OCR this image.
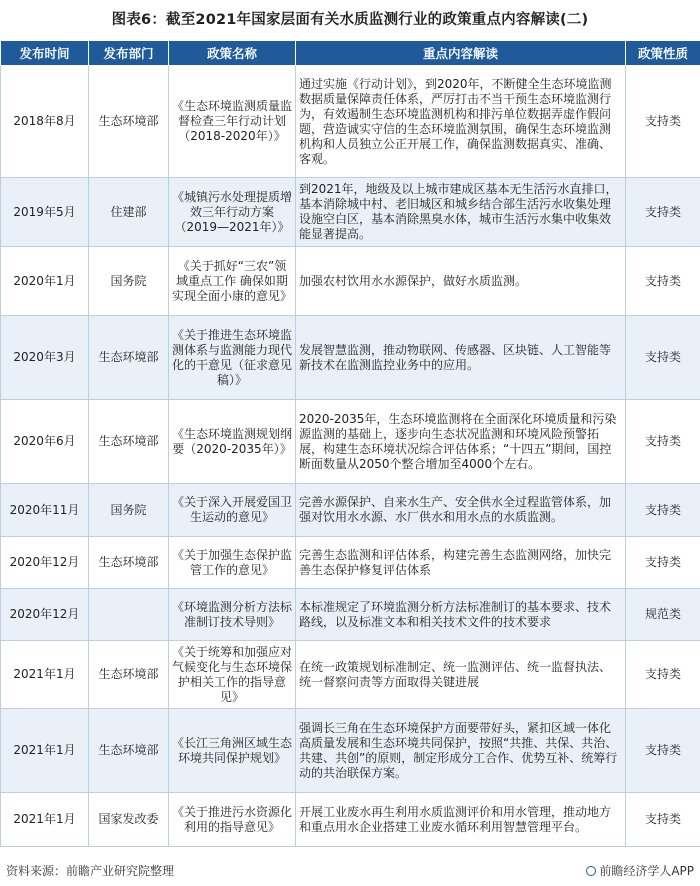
图表6：截至2021年国家层面有关水质监测行业的政策重点内容解读(二)
发布时间	发布部门	政策名称	重点内容解读	政策性质
2018年8月	生态环境部	《生态环境监测质量监督检查三年行动计划（2018-2020年）》	通过实施《行动计划》，到2020年，不断健全生态环境监测数据质量保障责任体系，严厉打击不当干预生态环境监测行为，有效遏制生态环境监测机构和排污单位数据弄虚作假问题，营造诚实守信的生态环境监测氛围，确保生态环境监测机构和人员独立公正开展工作，确保监测数据真实、准确、客观。	支持类
2019年5月	住建部	《城镇污水处理提质增效三年行动方案（2019—2021年）》	到2021年，地级及以上城市建成区基本无生活污水直排口，基本消除城中村、老旧城区和城乡结合部生活污水收集处理设施空白区，基本消除黑臭水体，城市生活污水集中收集效能显著提高。	支持类
2020年1月	国务院	《关于抓好“三农”领域重点工作 确保如期实现全面小康的意见》	加强农村饮用水水源保护，做好水质监测。	支持类
2020年3月	生态环境部	《关于推进生态环境监测体系与监测能力现代化的干意见（征求意见稿）》	发展智慧监测，推动物联网、传感器、区块链、人工智能等新技术在监测监控业务中的应用。	支持类
2020年6月	生态环境部	《生态环境监测规划纲要（2020-2035年）》	2020-2035年，生态环境监测将在全面深化环境质量和污染源监测的基础上，逐步向生态状况监测和环境风险预警拓展，构建生态环境状况综合评估体系；“十四五”期间，国控断面数量从2050个整合增加至4000个左右。	支持类
2020年11月	国务院	《关于深入开展爱国卫生运动的意见》	完善水源保护、自来水生产、安全供水全过程监管体系，加强对饮用水水源、水厂供水和用水点的水质监测。	支持类
2020年12月	生态环境部	《关于加强生态保护监管工作的意见》	完善生态监测和评估体系，构建完善生态监测网络，加快完善生态保护修复评估体系	支持类
2020年12月		《环境监测分析方法标准制订技术导则》	本标准规定了环境监测分析方法标准制订的基本要求、技术路线，以及标准文本和相关技术文件的技术要求	规范类
2021年1月	生态环境部	《关于统筹和加强应对气候变化与生态环境保护相关工作的指导意见》	在统一政策规划标准制定、统一监测评估、统一监督执法、统一督察问责等方面取得关键进展	支持类
2021年1月	生态环境部	《长江三角洲区域生态环境共同保护规划》	强调长三角在生态环境保护方面要带好头，紧扣区域一体化高质量发展和生态环境共同保护，按照“共推、共保、共治、共建、共创”的原则，制定形成分工合作、优势互补、统筹行动的共治联保方案。	支持类
2021年1月	国家发改委	《关于推进污水资源化利用的指导意见》	开展工业废水再生利用水质监测评价和用水管理，推动地方和重点用水企业搭建工业废水循环利用智慧管理平台。	支持类
资料来源：前瞻产业研究院整理	前瞻经济学人APP
